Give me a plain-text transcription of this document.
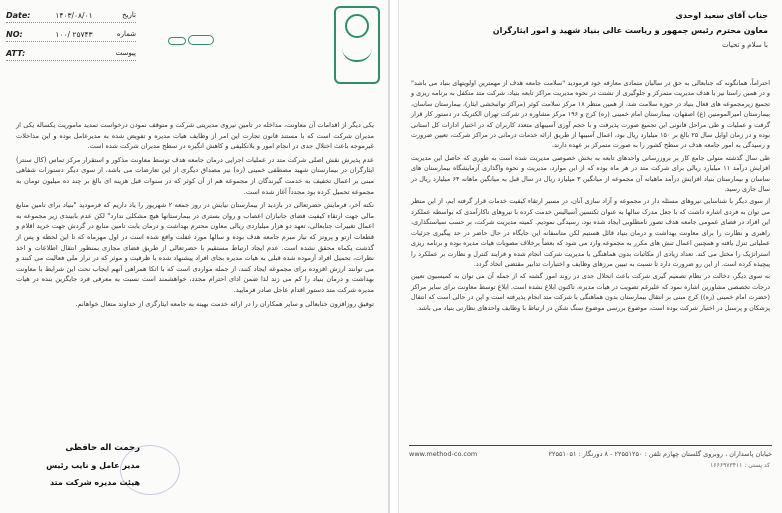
Date:	۱۴۰۳/۰۸/۰۱	تاریخ
NO:	۱۰۰/ ۲۵۷۴۳	شماره
ATT:	پیوست

یکی دیگر از اقدامات آن معاونت، مداخله در تامین نیروی مدیریتی شرکت و متوقف نمودن درخواست تمدید ماموریت یکساله یکی از مدیران شرکت است که با مستند قانون تجارت این امر از وظایف هیات مدیره و تفویض شده به مدیرعامل بوده و این مداخلات غیرموجه باعث اختلال جدی در انجام امور و بلاتکلیفی و کاهش انگیزه در سطح مدیران شرکت شده است.

عدم پذیرش نقش اصلی شرکت متد در عملیات اجرایی درمان جامعه هدف توسط معاونت مذکور و استقرار مرکز تماس (کال سنتر) ایثارگران در بیمارستان شهید مصطفی خمینی (ره) نیز مصداق دیگری از این تعارضات می باشد، از سوی دیگر دستورات شفاهی مبنی بر اعمال تخفیف به خدمت گیرندگان از مجموعه هم از آن کوثر که در سنوات قبل هزینه ای بالغ بر چند ده میلیون تومان به مجموعه تحمیل کرده بود مجدداً آغاز شده است.

نکته آخر، فرمایش حضرتعالی در بازدید از بیمارستان نیایش در روز جمعه ۲ شهریور را یاد داریم که فرمودید "بنیاد برای تامین منابع مالی جهت ارتقاء کیفیت فضای جانبازان اعصاب و روان بستری در بیمارستانها هیچ مشکلی ندارد" لکن عدم بابیندی زیر مجموعه به اعمال تغییرات جنابعالی، تعهد دو هزار میلیاردی ریالی معاون محترم بهداشت و درمان بابت تامین منابع در گردش جهت خرید اقلام و قطعات ارتو و پروتز که نیاز مبرم جامعه هدف بوده و سالها مورد غفلت واقع شده است در اول مهرماه که تا این لحظه و پس از گذشت یکماه محقق نشده است. عدم ایجاد ارتباط مستقیم با حضرتعالی از طریق فضای مجازی بمنظور انتقال اطلاعات و اخذ نظرات، تحمیل افراد آزموده شده قبلی به هیات مدیره بجای افراد پیشنهاد شده با ظرفیت و موثر که در تراز ملی فعالیت می کنند و می توانند ارزش افزوده برای مجموعه ایجاد کنند، از جمله مواردی است که با اتکا همراهی آنهم ایجاب نحت این شرایط با معاونت بهداشت و درمان بنیاد را کم می زند لذا ضمن ادای احترام مجدد، خواهشمند است نسبت به معرفی فرد جایگزین بنده در هیات مدیره شرکت متد دستور اقدام عاجل صادر فرمایید.

توفیق روزافزون جنابعالی و سایر همکاران را در ارائه خدمت بهینه به جامعه ایثارگری از خداوند متعال خواهانم.

رحمت اله حافظی
مدیر عامل و نایب رئیس
هیئت مدیره شرکت متد
جناب آقای سعید اوحدی
معاون محترم رئیس جمهور و ریاست عالی بنیاد شهید و امور ایثارگران
با سلام و تحیات

احتراماً، همانگونه که جنابعالی به حق در سالیان متمادی معارفه خود فرمودید "سلامت جامعه هدف از مهمترین اولویتهای بنیاد می باشد" و در همین راستا نیز با هدف مدیریت متمرکز و جلوگیری از تشتت در نحوه مدیریت مراکز تابعه بنیاد، شرکت متد متکفل به برنامه ریزی و تجمیع زیرمجموعه های فعال بنیاد در حوزه سلامت شد، از همین منظر ۱۸ مرکز سلامت کوثر (مراکز توانبخشی ایثار)، بیمارستان ساسان، بیمارستان امیرالمومنین (ع) اصفهان، بیمارستان امام خمینی (ره) کرج و ۱۹۶ مرکز مشاوره در شرکت تهران الکتریک در دستور کار قرار گرفت و عملیات و طی مراحل قانونی این تجمیع صورت پذیرفت و با حجم آوری آسیبهای متعدد کاربران که در اختیار ادارات کل استانی بوده و در زمان اوایل سال ۲۵ بالغ بر ۱۵۰ میلیارد ریال بود، اعمال آسیبها از طریق ارائه خدمات درمانی در مراکز شرکت، تعیین ضرورت و رسیدگی به امور جامعه هدف در سطح کشور را به صورت متمرکز بر عهده دارند.

طی سال گذشته متولی جامع کار بر بروزرسانی واحدهای تابعه به بخش خصوصی مدیریت شده است به طوری که حاصل این مدیریت افزایش درآمد ۱۱ میلیارد ریالی برای شرکت متد در هر ماه بوده که از این موارد، مدیریت و نحوه واگذاری آزمایشگاه بیمارستان های ساسان و بیمارستان بنیاد افزایش درآمد ماهیانه آن مجموعه از میانگین ۳ میلیارد ریال در سال قبل به میانگین ماهانه ۶۴ میلیارد ریال در سال جاری رسید.

از سوی دیگر با شناسایی نیروهای مسئله دار در مجموعه و آزاد سازی آنان، در مسیر ارتقاء کیفیت خدمات قرار گرفته ایم، از این منظر می توان به فردی اشاره داشت که با جعل مدرک سالها به عنوان تکنسین آسیالیس خدمت کرده با نیروهای ناکارآمدی که بواسطه عملکرد این افراد در فضای عمومی جامعه هدف تصور نامطلوبی ایجاد شده بود، رسیدگی نمودیم. کمیته مدیریت شرکت، بر حسب سیاستگذاری، راهبری و نظارت را برای معاونت بهداشت و درمان بنیاد قائل هستیم لکن متاسفانه این جایگاه در حال حاضر در حد پیگیری جزئیات عملیاتی تنزل یافته و همچنین اعمال تنش های مکرر به مجموعه وارد می شود که بعضاً برخلاف مصوبات هیات مدیره بوده و برنامه ریزی استراتژیک را مختل می کند. تعداد زیادی از مکاتبات بدون هماهنگی با مدیریت شرکت انجام شده و فرایند کنترل و نظارت بر عملکرد را پیچیده کرده است. از این رو ضرورت دارد تا نسبت به تبیین مرزهای وظایف و اختیارات تدابیر مقتضی اتخاذ گردد.

به سوی دیگر، دخالت در نظام تصمیم گیری شرکت باعث انحلال جدی در روند امور گشته که از جمله آن می توان به کمیسیون تعیین درجات تخصصی مشاورین اشاره نمود که علیرغم تصویب در هیات مدیره، تاکنون ابلاغ نشده است. ابلاغ توسط معاونت برای سایر مراکز (حضرت امام خمینی (ره)) کرج مبنی بر انتقال بیمارستان بدون هماهنگی با شرکت متد انجام پذیرفته است و این در حالی است که انتقال پزشکان و پرسنل در اختیار شرکت بوده است، موضوع بررسی موضوع سنگ شکن در ارتباط با وظایف واحدهای نظارتی بنیاد می باشد.

www.method-co.com	خیابان پاسداران ، روبروی گلستان چهارم تلفن : ۲۲۵۵۱۲۵۰ - ۸ دورنگار : ۲۲۵۵۱۰۵۱
کد پستی : ۱۶۶۶۹۷۳۴۱۱
